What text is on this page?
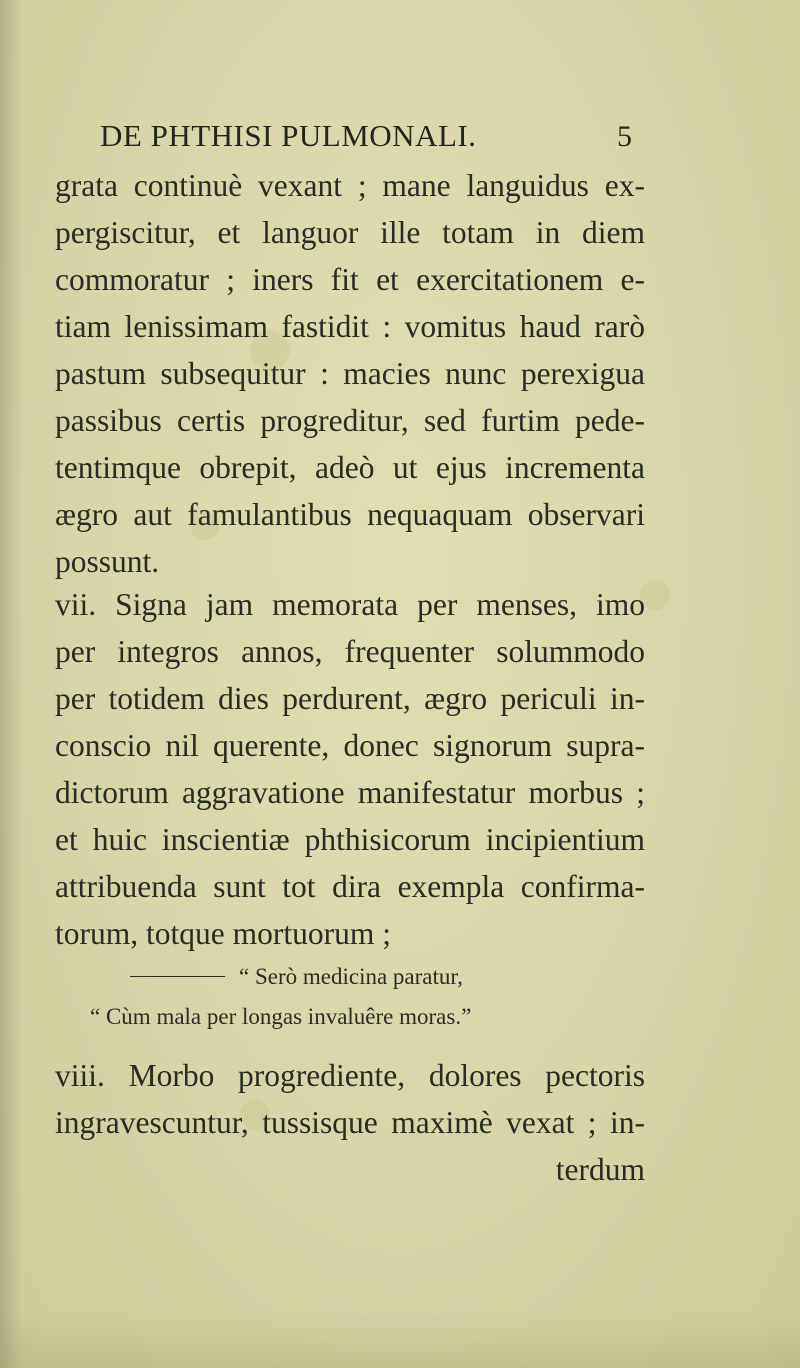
DE PHTHISI PULMONALI.	5
grata continuè vexant ; mane languidus ex-
pergiscitur, et languor ille totam in diem
commoratur ; iners fit et exercitationem e-
tiam lenissimam fastidit : vomitus haud rarò
pastum subsequitur : macies nunc perexigua
passibus certis progreditur, sed furtim pede-
tentimque obrepit, adeò ut ejus incrementa
ægro aut famulantibus nequaquam observari
possunt.
vii. Signa jam memorata per menses, imo
per integros annos, frequenter solummodo
per totidem dies perdurent, ægro periculi in-
conscio nil querente, donec signorum supra-
dictorum aggravatione manifestatur morbus ;
et huic inscientiæ phthisicorum incipientium
attribuenda sunt tot dira exempla confirma-
torum, totque mortuorum ;
“ Serò medicina paratur,
“ Cùm mala per longas invaluêre moras.”
viii. Morbo progrediente, dolores pectoris
ingravescuntur, tussisque maximè vexat ; in-
terdum
